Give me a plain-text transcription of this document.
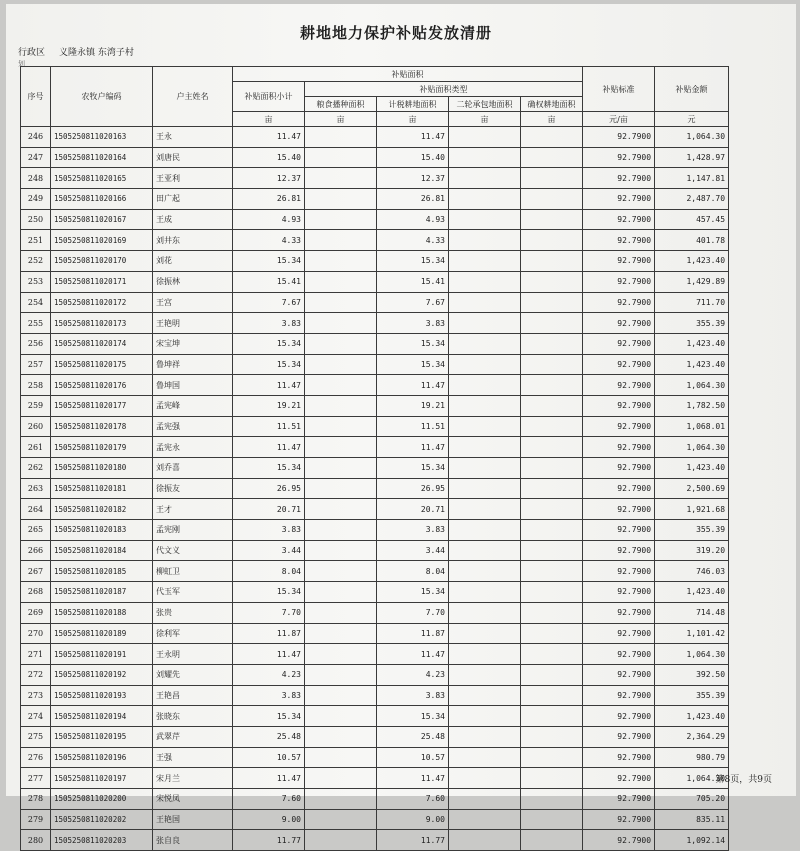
耕地地力保护补贴发放清册
行政区 义隆永镇 东湾子村
划
序号	农牧户编码	户主姓名	补贴面积					补贴标准	补贴金额
			补贴面积小计	补贴面积类型					
				粮食播种面积	计税耕地面积	二轮承包地面积	确权耕地面积		
			亩	亩	亩	亩	亩	元/亩	元
246	150525081102016З	王永	11.47		11.47			92.7900	1,064.30
247	1505250811020164	刘唐民	15.40		15.40			92.7900	1,428.97
248	1505250811020165	王亚利	12.37		12.37			92.7900	1,147.81
249	1505250811020166	田广起	26.81		26.81			92.7900	2,487.70
250	1505250811020167	王成	4.93		4.93			92.7900	457.45
251	1505250811020169	刘井东	4.33		4.33			92.7900	401.78
252	1505250811020170	刘花	15.34		15.34			92.7900	1,423.40
253	1505250811020171	徐振林	15.41		15.41			92.7900	1,429.89
254	1505250811020172	王宫	7.67		7.67			92.7900	711.70
255	1505250811020173	王艳明	3.83		3.83			92.7900	355.39
256	1505250811020174	宋宝坤	15.34		15.34			92.7900	1,423.40
257	1505250811020175	鲁坤祥	15.34		15.34			92.7900	1,423.40
258	1505250811020176	鲁坤国	11.47		11.47			92.7900	1,064.30
259	1505250811020177	孟宪峰	19.21		19.21			92.7900	1,782.50
260	1505250811020178	孟宪强	11.51		11.51			92.7900	1,068.01
261	1505250811020179	孟宪永	11.47		11.47			92.7900	1,064.30
262	1505250811020180	刘乔喜	15.34		15.34			92.7900	1,423.40
263	1505250811020181	徐振友	26.95		26.95			92.7900	2,500.69
264	1505250811020182	王才	20.71		20.71			92.7900	1,921.68
265	1505250811020183	孟宪刚	3.83		3.83			92.7900	355.39
266	1505250811020184	代文义	3.44		3.44			92.7900	319.20
267	1505250811020185	柳虹卫	8.04		8.04			92.7900	746.03
268	1505250811020187	代玉军	15.34		15.34			92.7900	1,423.40
269	1505250811020188	张贵	7.70		7.70			92.7900	714.48
270	1505250811020189	徐利军	11.87		11.87			92.7900	1,101.42
271	1505250811020191	王永明	11.47		11.47			92.7900	1,064.30
272	1505250811020192	刘耀先	4.23		4.23			92.7900	392.50
273	1505250811020193	王艳昌	3.83		3.83			92.7900	355.39
274	1505250811020194	张晓东	15.34		15.34			92.7900	1,423.40
275	1505250811020195	武翠芹	25.48		25.48			92.7900	2,364.29
276	1505250811020196	王强	10.57		10.57			92.7900	980.79
277	1505250811020197	宋月兰	11.47		11.47			92.7900	1,064.30
278	1505250811020200	宋悦凤	7.60		7.60			92.7900	705.20
279	1505250811020202	王艳国	9.00		9.00			92.7900	835.11
280	1505250811020203	张自良	11.77		11.77			92.7900	1,092.14
第8页，共9页
